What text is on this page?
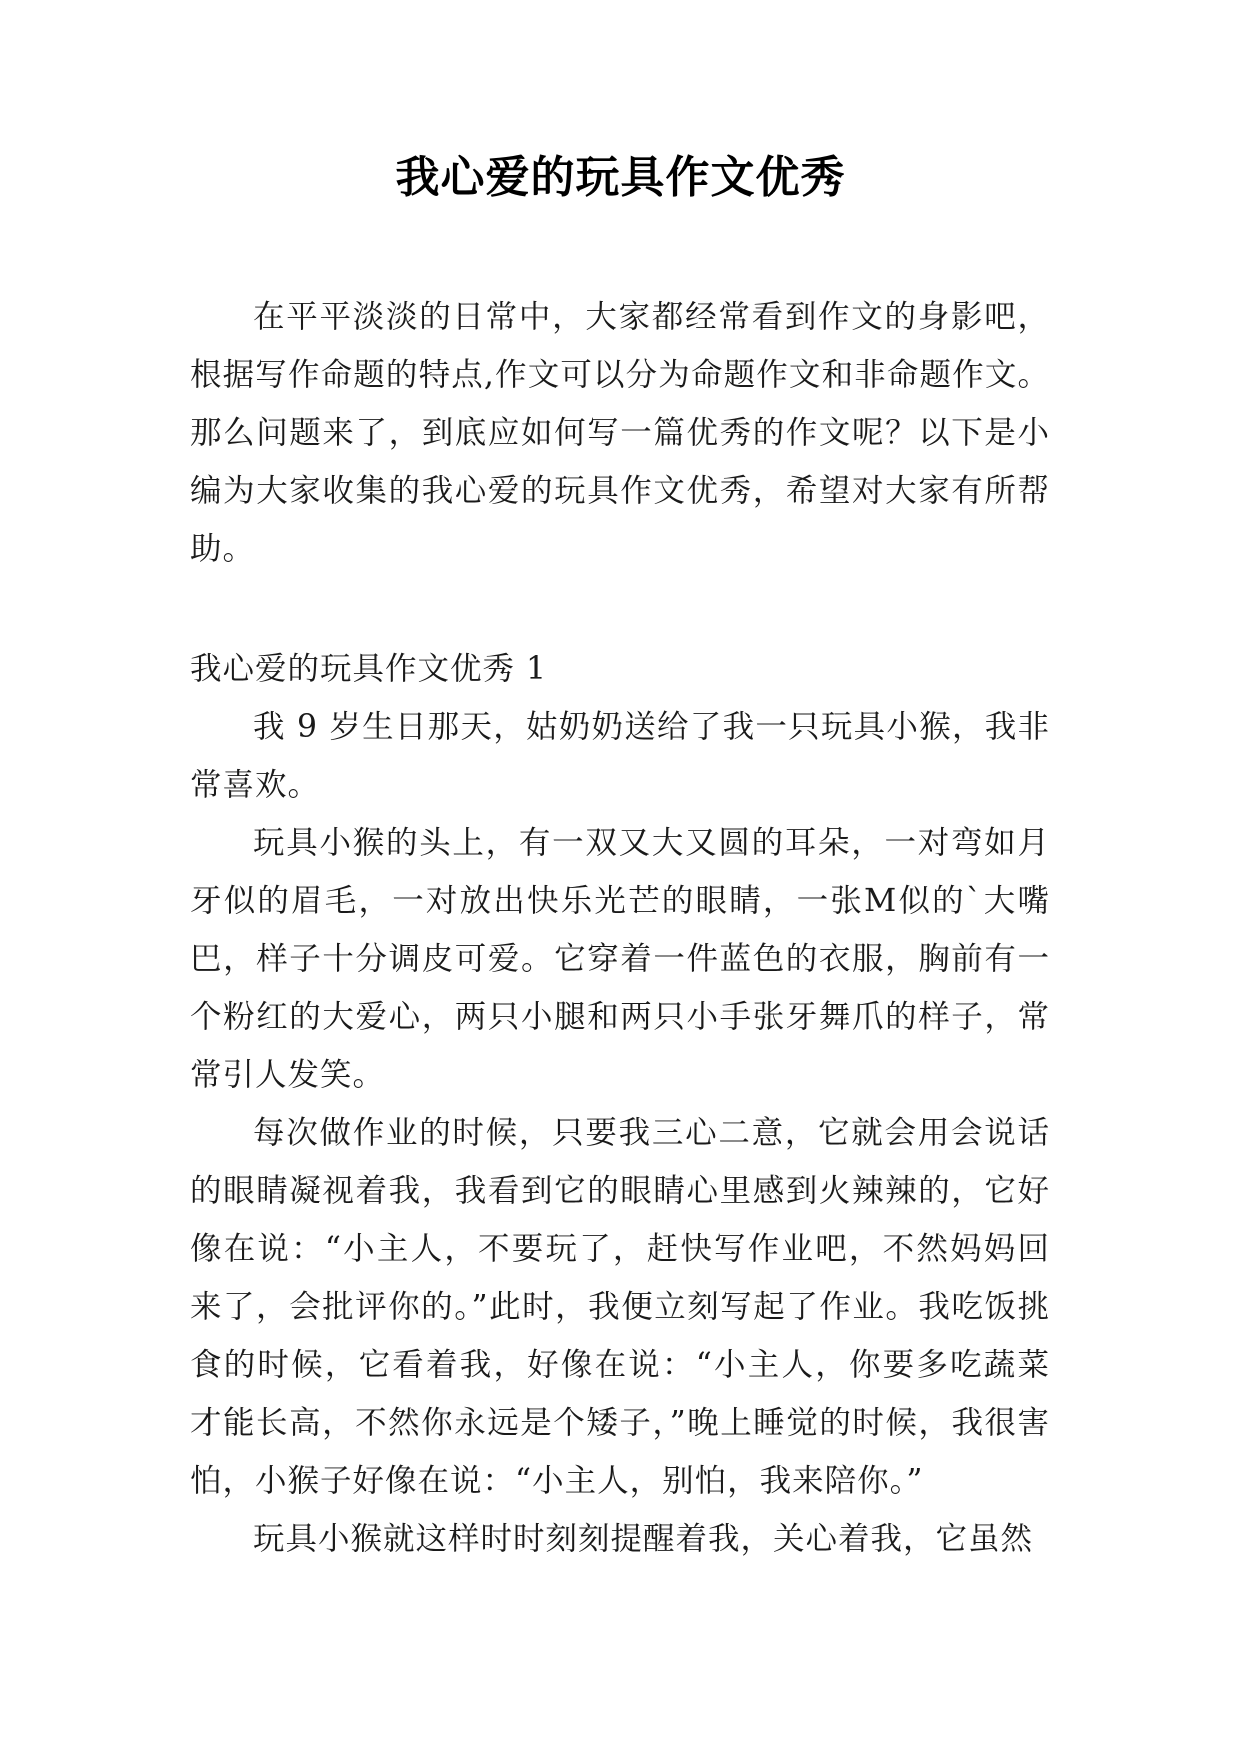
我心爱的玩具作文优秀

在平平淡淡的日常中，大家都经常看到作文的身影吧，根据写作命题的特点,作文可以分为命题作文和非命题作文。那么问题来了，到底应如何写一篇优秀的作文呢？以下是小编为大家收集的我心爱的玩具作文优秀，希望对大家有所帮助。

我心爱的玩具作文优秀 1

我 9 岁生日那天，姑奶奶送给了我一只玩具小猴，我非常喜欢。

玩具小猴的头上，有一双又大又圆的耳朵，一对弯如月牙似的眉毛，一对放出快乐光芒的眼睛，一张M似的`大嘴巴，样子十分调皮可爱。它穿着一件蓝色的衣服，胸前有一个粉红的大爱心，两只小腿和两只小手张牙舞爪的样子，常常引人发笑。

每次做作业的时候，只要我三心二意，它就会用会说话的眼睛凝视着我，我看到它的眼睛心里感到火辣辣的，它好像在说：“小主人，不要玩了，赶快写作业吧，不然妈妈回来了，会批评你的。”此时，我便立刻写起了作业。我吃饭挑食的时候，它看着我，好像在说：“小主人，你要多吃蔬菜才能长高，不然你永远是个矮子，”晚上睡觉的时候，我很害怕，小猴子好像在说：“小主人，别怕，我来陪你。”

玩具小猴就这样时时刻刻提醒着我，关心着我，它虽然
